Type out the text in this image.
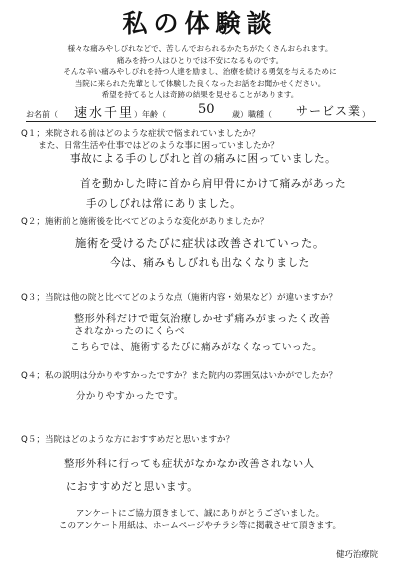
私の体験談
様々な痛みやしびれなどで、苦しんでおられるかたちがたくさんおられます。
痛みを持つ人はひとりでは不安になるものです。
そんな辛い痛みやしびれを持つ人達を励まし、治療を続ける勇気を与えるために
当院に来られた先輩として体験した良くなったお話をお聞かせください。
希望を持てると人は奇跡の結果を見せることがあります。
お名前（ 速水千里 ）年齢（ 50 歳）職種（ サービス業 ）
Q１；来院される前はどのような症状で悩まれていましたか？
　　また、日常生活や仕事ではどのような事に困っていましたか？
事故による手のしびれと首の痛みに困っていました。
首を動かした時に首から肩甲骨にかけて痛みがあった
手のしびれは常にありました。
Q２；施術前と施術後を比べてどのような変化がありましたか？
施術を受けるたびに症状は改善されていった。
今は、痛みもしびれも出なくなりました
Q３；当院は他の院と比べてどのような点（施術内容・効果など）が違いますか？
整形外科だけで電気治療しかせず痛みがまったく改善
されなかったのにくらべ
こちらでは、施術するたびに痛みがなくなっていった。
Q４；私の説明は分かりやすかったですか？また院内の雰囲気はいかがでしたか？
分かりやすかったです。
Q５；当院はどのような方におすすめだと思いますか？
整形外科に行っても症状がなかなか改善されない人
におすすめだと思います。
アンケートにご協力頂きまして、誠にありがとうございました。
このアンケート用紙は、ホームページやチラシ等に掲載させて頂きます。
健巧治療院
